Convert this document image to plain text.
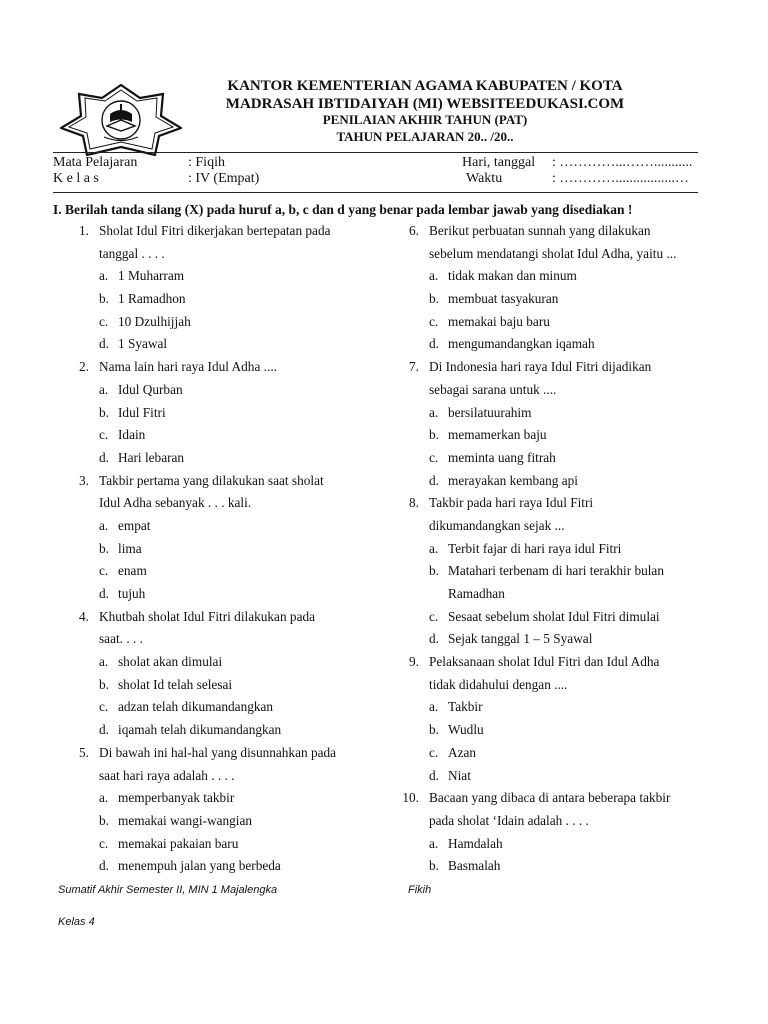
KANTOR KEMENTERIAN AGAMA KABUPATEN / KOTA
MADRASAH IBTIDAIYAH (MI) WEBSITEEDUKASI.COM
PENILAIAN AKHIR TAHUN (PAT)
TAHUN PELAJARAN 20.. /20..
Mata Pelajaran	: Fiqih	Hari, tanggal : …………...……...........
K e l a s	: IV (Empat)	Waktu	: ………….................…
I. Berilah tanda silang (X) pada huruf a, b, c dan d yang benar pada lembar jawab yang disediakan !
1. Sholat Idul Fitri dikerjakan bertepatan pada
tanggal . . . .
a. 1 Muharram
b. 1 Ramadhon
c. 10 Dzulhijjah
d. 1 Syawal
2. Nama lain hari raya Idul Adha ....
a. Idul Qurban
b. Idul Fitri
c. Idain
d. Hari lebaran
3. Takbir pertama yang dilakukan saat sholat
Idul Adha sebanyak . . . kali.
a. empat
b. lima
c. enam
d. tujuh
4. Khutbah sholat Idul Fitri dilakukan pada
saat. . . .
a. sholat akan dimulai
b. sholat Id telah selesai
c. adzan telah dikumandangkan
d. iqamah telah dikumandangkan
5. Di bawah ini hal-hal yang disunnahkan pada
saat hari raya adalah . . . .
a. memperbanyak takbir
b. memakai wangi-wangian
c. memakai pakaian baru
d. menempuh jalan yang berbeda
6. Berikut perbuatan sunnah yang dilakukan
sebelum mendatangi sholat Idul Adha, yaitu ...
a. tidak makan dan minum
b. membuat tasyakuran
c. memakai baju baru
d. mengumandangkan iqamah
7. Di Indonesia hari raya Idul Fitri dijadikan
sebagai sarana untuk ....
a. bersilatuurahim
b. memamerkan baju
c. meminta uang fitrah
d. merayakan kembang api
8. Takbir pada hari raya Idul Fitri
dikumandangkan sejak ...
a. Terbit fajar di hari raya idul Fitri
b. Matahari terbenam di hari terakhir bulan
Ramadhan
c. Sesaat sebelum sholat Idul Fitri dimulai
d. Sejak tanggal 1 – 5 Syawal
9. Pelaksanaan sholat Idul Fitri dan Idul Adha
tidak didahului dengan ....
a. Takbir
b. Wudlu
c. Azan
d. Niat
10. Bacaan yang dibaca di antara beberapa takbir
pada sholat ‘Idain adalah . . . .
a. Hamdalah
b. Basmalah
Sumatif Akhir Semester II, MIN 1 Majalengka	Fikih
Kelas 4
